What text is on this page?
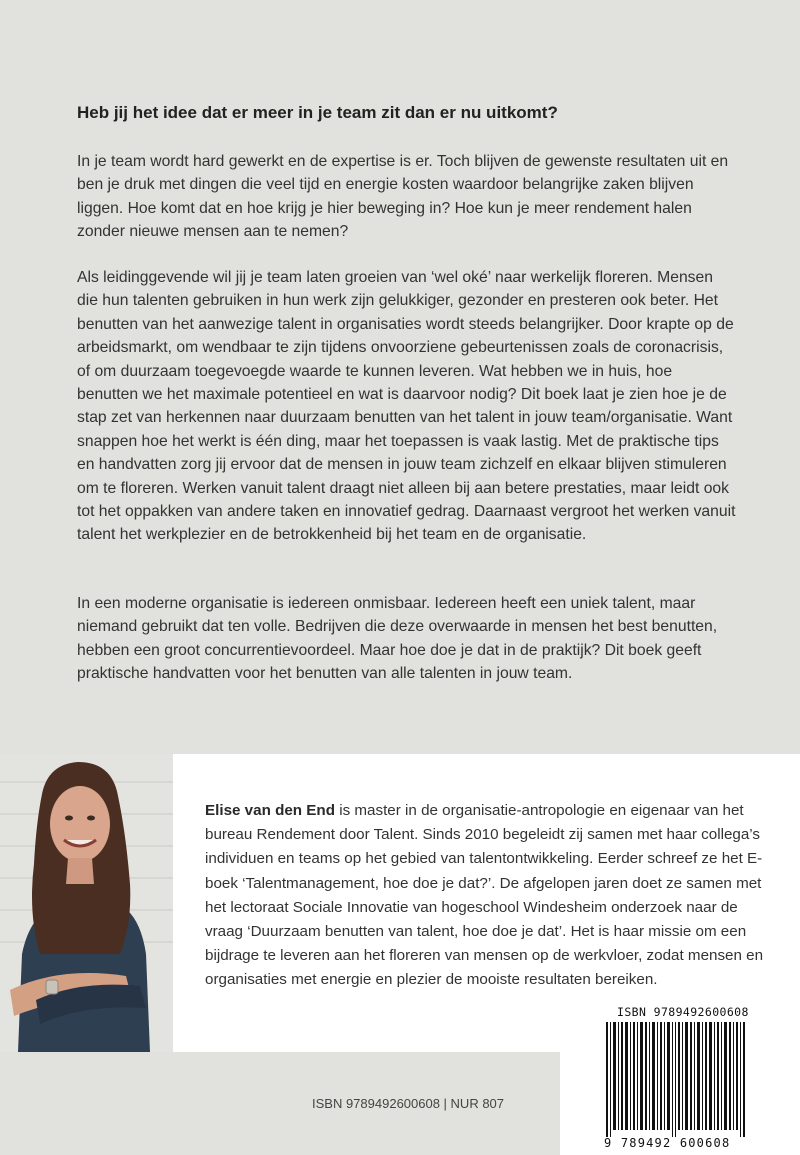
Heb jij het idee dat er meer in je team zit dan er nu uitkomt?

In je team wordt hard gewerkt en de expertise is er. Toch blijven de gewenste resultaten uit en ben je druk met dingen die veel tijd en energie kosten waardoor belangrijke zaken blijven liggen. Hoe komt dat en hoe krijg je hier beweging in? Hoe kun je meer rendement halen zonder nieuwe mensen aan te nemen?

Als leidinggevende wil jij je team laten groeien van ‘wel oké’ naar werkelijk floreren. Mensen die hun talenten gebruiken in hun werk zijn gelukkiger, gezonder en presteren ook beter. Het benutten van het aanwezige talent in organisaties wordt steeds belangrijker. Door krapte op de arbeidsmarkt, om wendbaar te zijn tijdens onvoorziene gebeurtenissen zoals de coronacrisis, of om duurzaam toegevoegde waarde te kunnen leveren. Wat hebben we in huis, hoe benutten we het maximale potentieel en wat is daarvoor nodig? Dit boek laat je zien hoe je de stap zet van herkennen naar duurzaam benutten van het talent in jouw team/organisatie. Want snappen hoe het werkt is één ding, maar het toepassen is vaak lastig. Met de praktische tips en handvatten zorg jij ervoor dat de mensen in jouw team zichzelf en elkaar blijven stimuleren om te floreren. Werken vanuit talent draagt niet alleen bij aan betere prestaties, maar leidt ook tot het oppakken van andere taken en innovatief gedrag. Daarnaast vergroot het werken vanuit talent het werkplezier en de betrokkenheid bij het team en de organisatie.

In een moderne organisatie is iedereen onmisbaar. Iedereen heeft een uniek talent, maar niemand gebruikt dat ten volle. Bedrijven die deze overwaarde in mensen het best benutten, hebben een groot concurrentievoordeel. Maar hoe doe je dat in de praktijk? Dit boek geeft praktische handvatten voor het benutten van alle talenten in jouw team.

Elise van den End is master in de organisatie-antropologie en eigenaar van het bureau Rendement door Talent. Sinds 2010 begeleidt zij samen met haar collega’s individuen en teams op het gebied van talentontwikkeling. Eerder schreef ze het E-boek ‘Talentmanagement, hoe doe je dat?’. De afgelopen jaren doet ze samen met het lectoraat Sociale Innovatie van hogeschool Windesheim onderzoek naar de vraag ‘Duurzaam benutten van talent, hoe doe je dat’. Het is haar missie om een bijdrage te leveren aan het floreren van mensen op de werkvloer, zodat mensen en organisaties met energie en plezier de mooiste resultaten bereiken.

ISBN 9789492600608 | NUR 807
ISBN 9789492600608
9 789492 600608
